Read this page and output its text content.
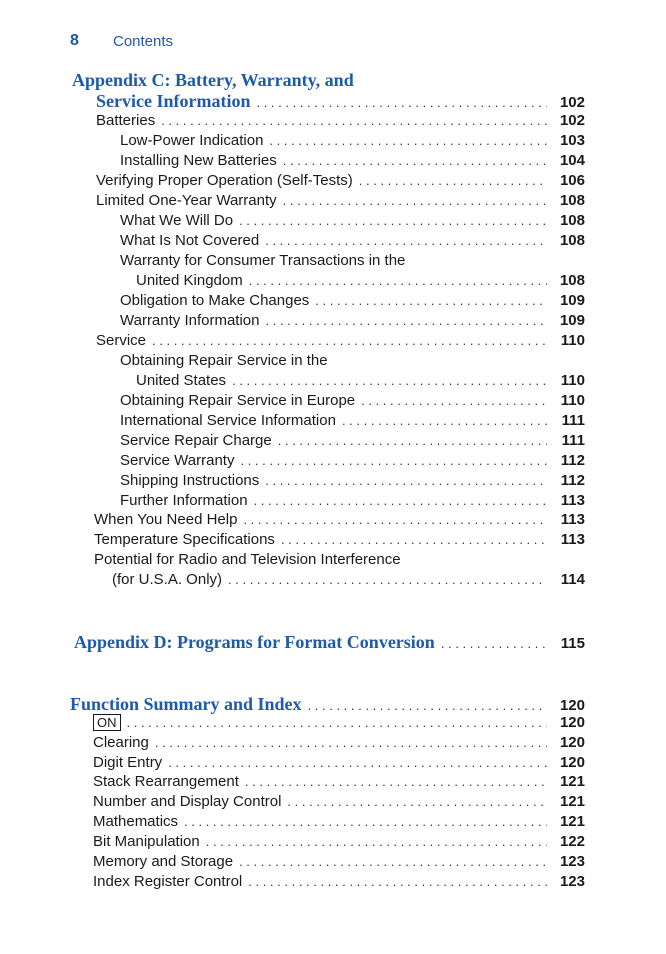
8 Contents
Appendix C: Battery, Warranty, and
Service Information . . .	102
Batteries . . .	102
Low-Power Indication . . .	103
Installing New Batteries . . .	104
Verifying Proper Operation (Self-Tests) . . .	106
Limited One-Year Warranty . . .	108
What We Will Do . . .	108
What Is Not Covered . . .	108
Warranty for Consumer Transactions in the
United Kingdom . . .	108
Obligation to Make Changes . . .	109
Warranty Information . . .	109
Service . . .	110
Obtaining Repair Service in the
United States . . .	110
Obtaining Repair Service in Europe . . .	110
International Service Information . . .	111
Service Repair Charge . . .	111
Service Warranty . . .	112
Shipping Instructions . . .	112
Further Information . . .	113
When You Need Help . . .	113
Temperature Specifications . . .	113
Potential for Radio and Television Interference
(for U.S.A. Only) . . .	114
Appendix D: Programs for Format Conversion . . .	115
Function Summary and Index . . .	120
ON . . .	120
Clearing . . .	120
Digit Entry . . .	120
Stack Rearrangement . . .	121
Number and Display Control . . .	121
Mathematics . . .	121
Bit Manipulation . . .	122
Memory and Storage . . .	123
Index Register Control . . .	123
